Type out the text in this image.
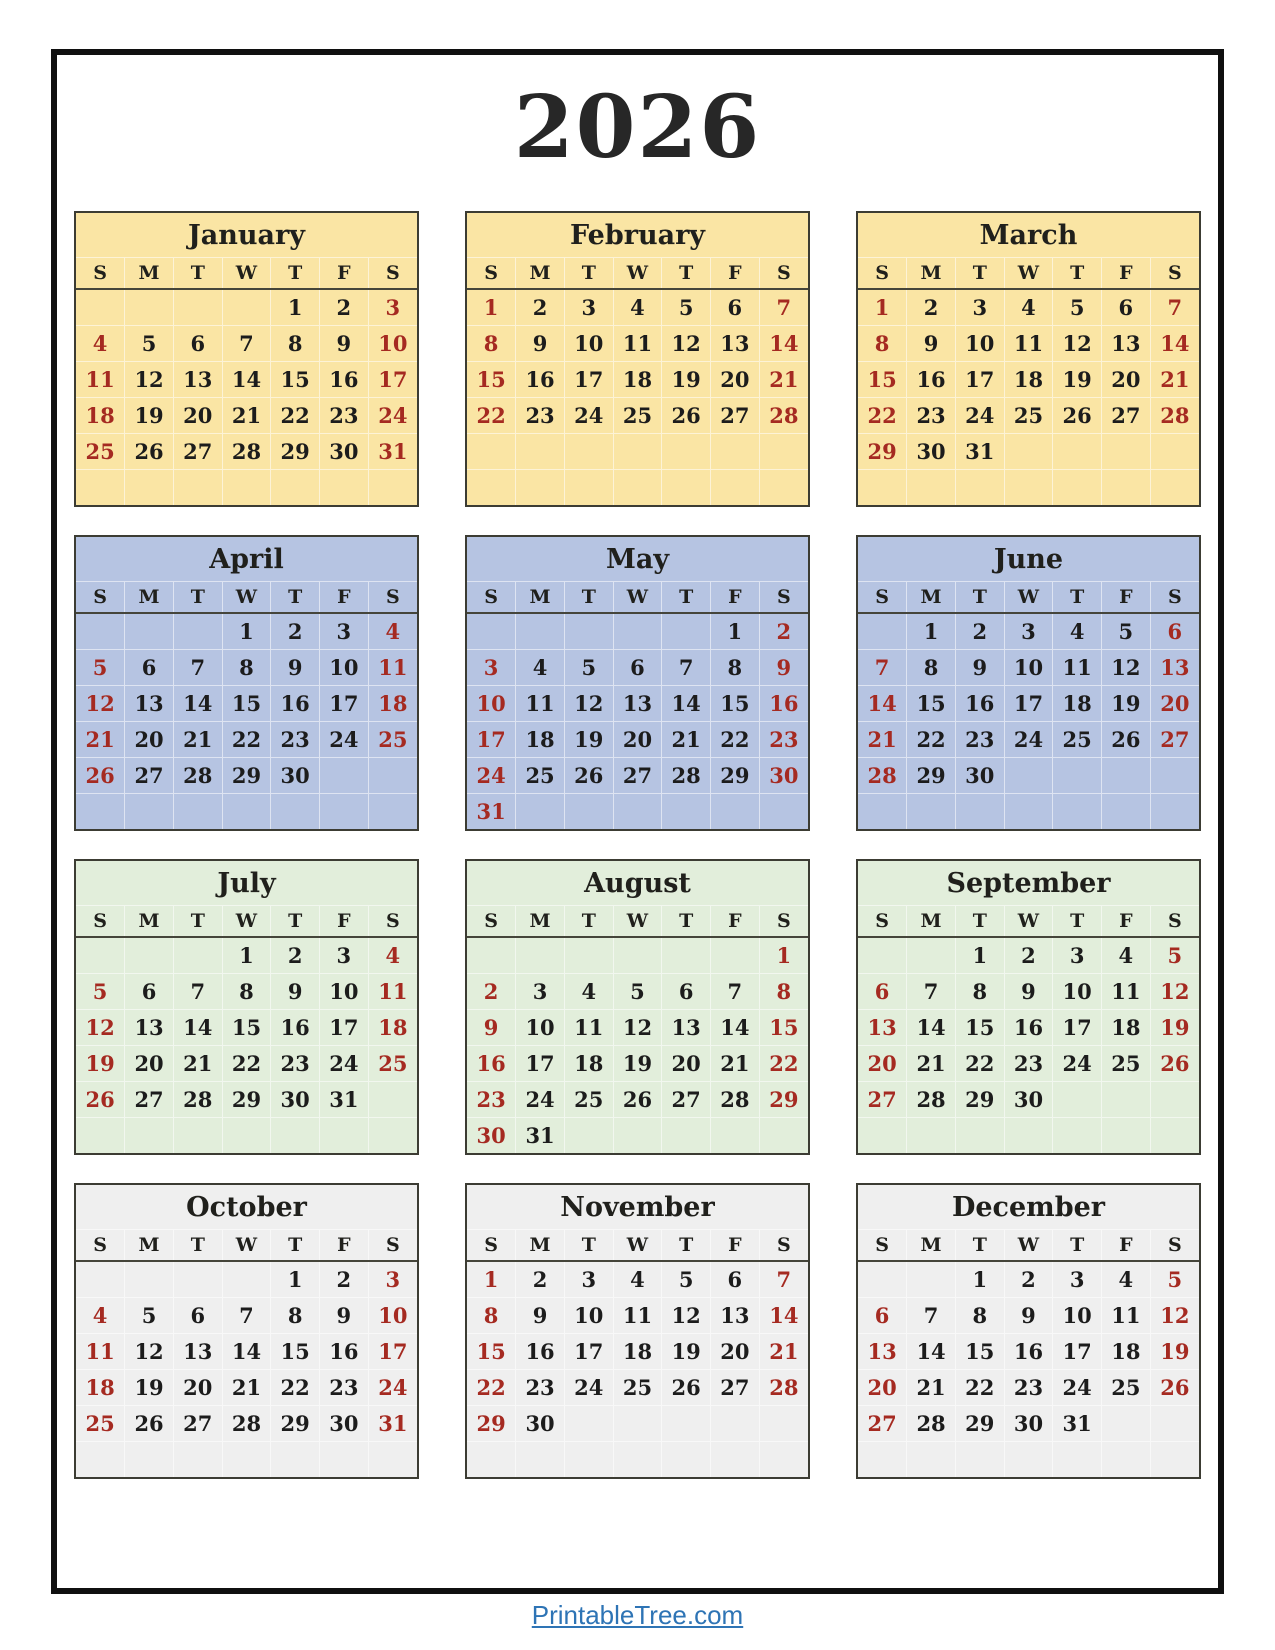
2026
January
S	M	T	W	T	F	S
				1	2	3
4	5	6	7	8	9	10
11	12	13	14	15	16	17
18	19	20	21	22	23	24
25	26	27	28	29	30	31

February
S	M	T	W	T	F	S
1	2	3	4	5	6	7
8	9	10	11	12	13	14
15	16	17	18	19	20	21
22	23	24	25	26	27	28

March
S	M	T	W	T	F	S
1	2	3	4	5	6	7
8	9	10	11	12	13	14
15	16	17	18	19	20	21
22	23	24	25	26	27	28
29	30	31				

April
S	M	T	W	T	F	S
			1	2	3	4
5	6	7	8	9	10	11
12	13	14	15	16	17	18
21	20	21	22	23	24	25
26	27	28	29	30		

May
S	M	T	W	T	F	S
					1	2
3	4	5	6	7	8	9
10	11	12	13	14	15	16
17	18	19	20	21	22	23
24	25	26	27	28	29	30
31						
June
S	M	T	W	T	F	S
	1	2	3	4	5	6
7	8	9	10	11	12	13
14	15	16	17	18	19	20
21	22	23	24	25	26	27
28	29	30				

July
S	M	T	W	T	F	S
			1	2	3	4
5	6	7	8	9	10	11
12	13	14	15	16	17	18
19	20	21	22	23	24	25
26	27	28	29	30	31	

August
S	M	T	W	T	F	S
						1
2	3	4	5	6	7	8
9	10	11	12	13	14	15
16	17	18	19	20	21	22
23	24	25	26	27	28	29
30	31					
September
S	M	T	W	T	F	S
		1	2	3	4	5
6	7	8	9	10	11	12
13	14	15	16	17	18	19
20	21	22	23	24	25	26
27	28	29	30			

October
S	M	T	W	T	F	S
				1	2	3
4	5	6	7	8	9	10
11	12	13	14	15	16	17
18	19	20	21	22	23	24
25	26	27	28	29	30	31

November
S	M	T	W	T	F	S
1	2	3	4	5	6	7
8	9	10	11	12	13	14
15	16	17	18	19	20	21
22	23	24	25	26	27	28
29	30					

December
S	M	T	W	T	F	S
		1	2	3	4	5
6	7	8	9	10	11	12
13	14	15	16	17	18	19
20	21	22	23	24	25	26
27	28	29	30	31		

PrintableTree.com
